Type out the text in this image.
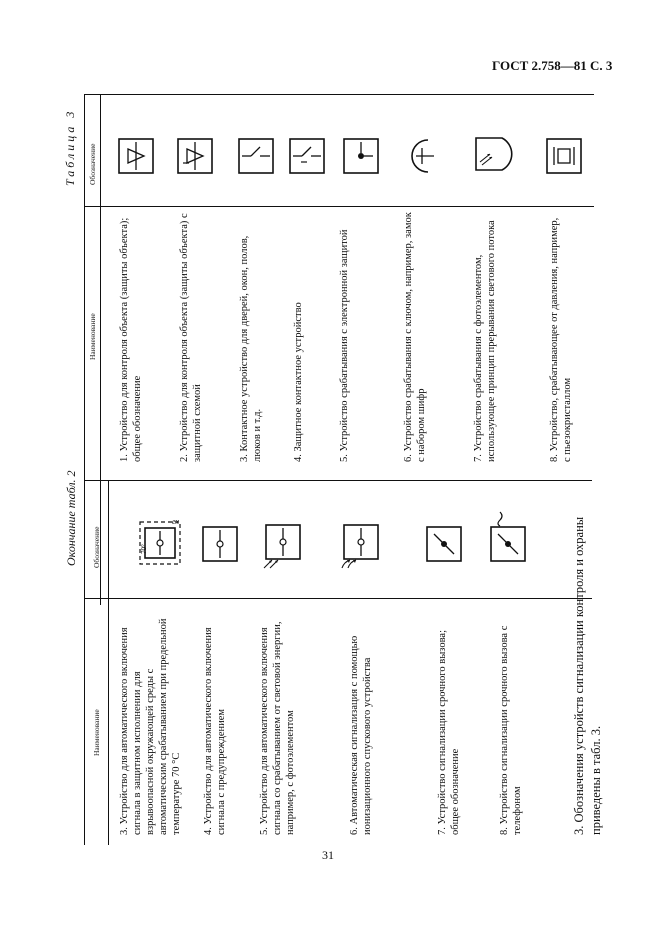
ГОСТ 2.758—81 С. 3
Таблица 3 Обозначение
Наименование
Окончание табл. 2 Обозначение
Наименование 3. Устройство для автоматического включения сигнала в защитном исполнении для взрывоопасной окружающей среды с автоматическим срабатыванием при предельной температуре 70 °С 4. Устройство для автоматического включения сигнала с предупреждением	5. Устройство для автоматического включения сигнала со срабатыванием от световой энергии, например, с фотоэлементом	6. Автоматическая сигнализация с помощью ионизационного спускового устройства	7. Устройство сигнализации срочного вызова; общее обозначение	8. Устройство сигнализации срочного вызова с телефоном	3. Обозначения устройств сигнализации контроля и охраны приведены в табл. 3.
1. Устройство для контроля объекта (защиты объекта); общее обозначение	2. Устройство для контроля объекта (защиты объекта) с защитной схемой	3. Контактное устройство для дверей, окон, полов, люков и т.д.	4. Защитное контактное устройство	5. Устройство срабатывания с электронной защитой	6. Устройство срабатывания с ключом, например, замок с набором шифр	7. Устройство срабатывания с фотоэлементом, использующее принцип прерывания светового потока	8. Устройство, срабатывающее от давления, например, с пьезокристаллом
ex
70°
31
